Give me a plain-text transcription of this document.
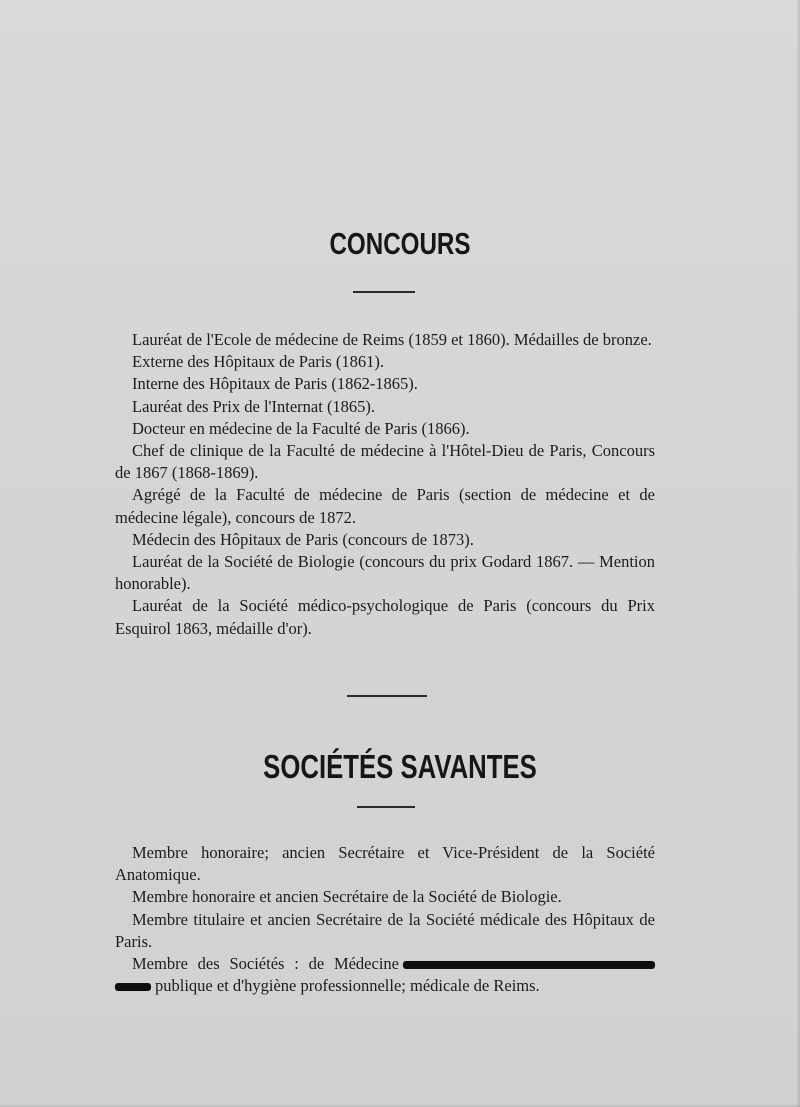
CONCOURS

Lauréat de l'Ecole de médecine de Reims (1859 et 1860). Médailles de bronze.

Externe des Hôpitaux de Paris (1861).

Interne des Hôpitaux de Paris (1862-1865).

Lauréat des Prix de l'Internat (1865).

Docteur en médecine de la Faculté de Paris (1866).

Chef de clinique de la Faculté de médecine à l'Hôtel-Dieu de Paris, Concours de 1867 (1868-1869).

Agrégé de la Faculté de médecine de Paris (section de médecine et de médecine légale), concours de 1872.

Médecin des Hôpitaux de Paris (concours de 1873).

Lauréat de la Société de Biologie (concours du prix Godard 1867. — Mention honorable).

Lauréat de la Société médico-psychologique de Paris (concours du Prix Esquirol 1863, médaille d'or).

SOCIÉTÉS SAVANTES

Membre honoraire; ancien Secrétaire et Vice-Président de la Société Anatomique.

Membre honoraire et ancien Secrétaire de la Société de Biologie.

Membre titulaire et ancien Secrétaire de la Société médicale des Hôpitaux de Paris.

Membre des Sociétés : de Médecine publique et d'hygiène professionnelle; médicale de Reims.
